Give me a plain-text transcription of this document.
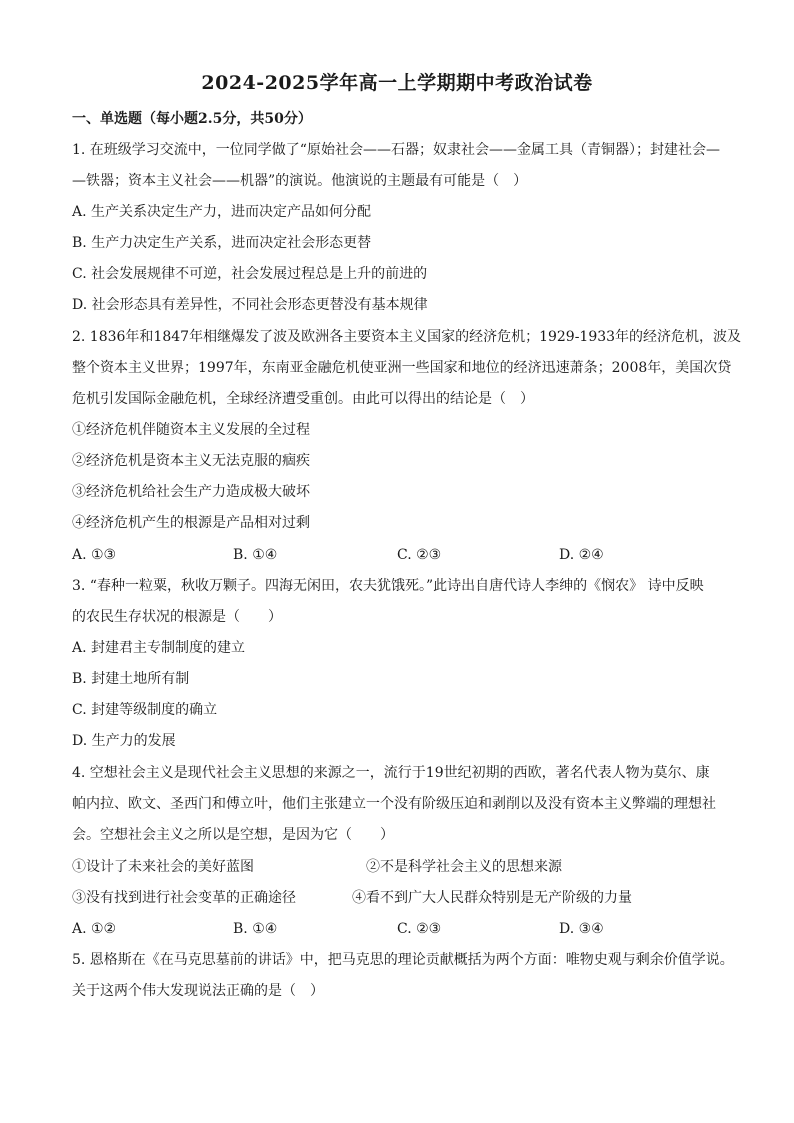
2024-2025学年高一上学期期中考政治试卷
一、单选题（每小题2.5分，共50分）
1. 在班级学习交流中，一位同学做了“原始社会——石器；奴隶社会——金属工具（青铜器）；封建社会—
—铁器；资本主义社会——机器”的演说。他演说的主题最有可能是（　）
A. 生产关系决定生产力，进而决定产品如何分配
B. 生产力决定生产关系，进而决定社会形态更替
C. 社会发展规律不可逆，社会发展过程总是上升的前进的
D. 社会形态具有差异性，不同社会形态更替没有基本规律
2. 1836年和1847年相继爆发了波及欧洲各主要资本主义国家的经济危机；1929-1933年的经济危机，波及
整个资本主义世界；1997年，东南亚金融危机使亚洲一些国家和地位的经济迅速萧条；2008年，美国次贷
危机引发国际金融危机，全球经济遭受重创。由此可以得出的结论是（　）
①经济危机伴随资本主义发展的全过程
②经济危机是资本主义无法克服的痼疾
③经济危机给社会生产力造成极大破坏
④经济危机产生的根源是产品相对过剩
A. ①③	B. ①④	C. ②③	D. ②④
3. “春种一粒粟，秋收万颗子。四海无闲田，农夫犹饿死。”此诗出自唐代诗人李绅的《悯农》 诗中反映
的农民生存状况的根源是（　　）
A. 封建君主专制制度的建立
B. 封建土地所有制
C. 封建等级制度的确立
D. 生产力的发展
4. 空想社会主义是现代社会主义思想的来源之一，流行于19世纪初期的西欧，著名代表人物为莫尔、康
帕内拉、欧文、圣西门和傅立叶，他们主张建立一个没有阶级压迫和剥削以及没有资本主义弊端的理想社
会。空想社会主义之所以是空想，是因为它（　　）
①设计了未来社会的美好蓝图	②不是科学社会主义的思想来源
③没有找到进行社会变革的正确途径	④看不到广大人民群众特别是无产阶级的力量
A. ①②	B. ①④	C. ②③	D. ③④
5. 恩格斯在《在马克思墓前的讲话》中，把马克思的理论贡献概括为两个方面：唯物史观与剩余价值学说。
关于这两个伟大发现说法正确的是（　）
